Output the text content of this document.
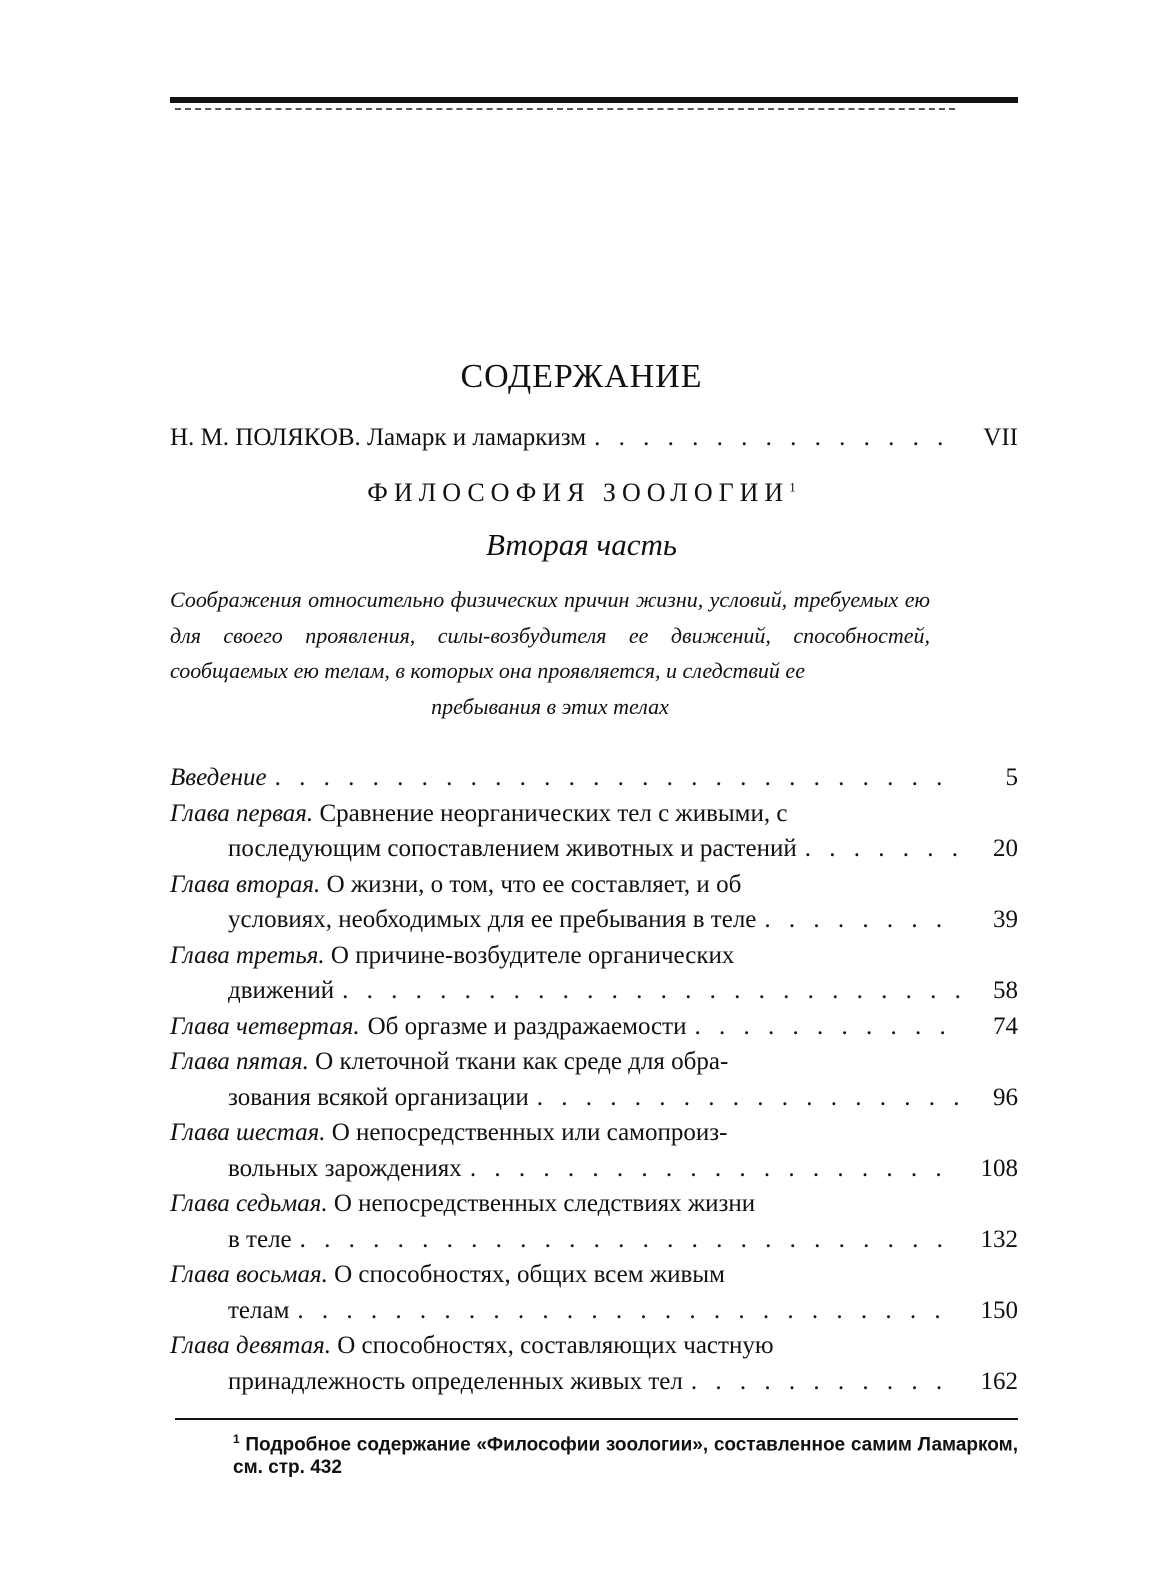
СОДЕРЖАНИЕ
Н. М. ПОЛЯКОВ. Ламарк и ламаркизм . . .	VII
ФИЛОСОФИЯ ЗООЛОГИИ$^1$
Вторая часть
Соображения относительно физических причин жизни, условий, требуемых ею для своего проявления, силы-возбудителя ее движений, способностей, сообщаемых ею телам, в которых она проявляется, и следствий ее
пребывания в этих телах
Введение . . .	5
Глава первая. Сравнение неорганических тел с живыми, с
последующим сопоставлением животных и растений . . .	20
Глава вторая. О жизни, о том, что ее составляет, и об
условиях, необходимых для ее пребывания в теле . . .	39
Глава третья. О причине-возбудителе органических
движений . . .	58
Глава четвертая. Об оргазме и раздражаемости . . .	74
Глава пятая. О клеточной ткани как среде для обра-
зования всякой организации . . .	96
Глава шестая. О непосредственных или самопроиз-
вольных зарождениях . . .	108
Глава седьмая. О непосредственных следствиях жизни
в теле . . .	132
Глава восьмая. О способностях, общих всем живым
телам . . .	150
Глава девятая. О способностях, составляющих частную
принадлежность определенных живых тел . . .	162
$^1$ Подробное содержание «Философии зоологии», составленное самим Ламарком, см. стр. 432
